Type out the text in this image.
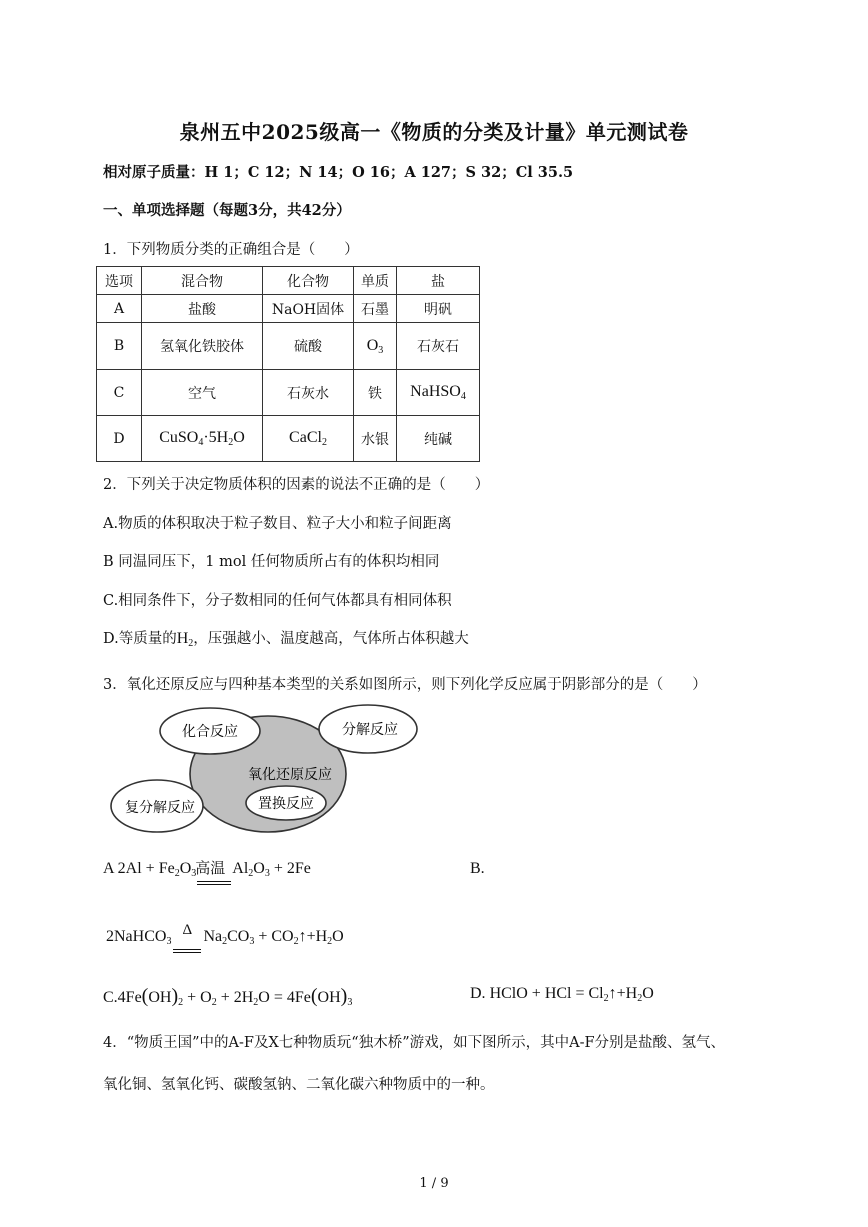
泉州五中2025级高一《物质的分类及计量》单元测试卷
相对原子质量：H 1；C 12；N 14；O 16；A 127；S 32；Cl 35.5
一、单项选择题（每题3分，共42分）
1．下列物质分类的正确组合是（　　）
选项	混合物	化合物	单质	盐
A	盐酸	NaOH固体	石墨	明矾
B	氢氧化铁胶体	硫酸	$O_3$	石灰石
C	空气	石灰水	铁	NaHSO$_4$
D	$CuSO_4\cdot 5H_2O$	CaCl$_2$	水银	纯碱
2．下列关于决定物质体积的因素的说法不正确的是（　　）
A.物质的体积取决于粒子数目、粒子大小和粒子间距离
B 同温同压下，1 mol 任何物质所占有的体积均相同
C.相同条件下，分子数相同的任何气体都具有相同体积
D.等质量的$H_2$，压强越小、温度越高，气体所占体积越大
3．氧化还原反应与四种基本类型的关系如图所示，则下列化学反应属于阴影部分的是（　　）
化合反应	分解反应
氧化还原反应
复分解反应	置换反应
A $2Al + Fe_2O_3$ 高温 $Al_2O_3 + 2Fe$	B.
2NaHCO$_3$
Δ $Na_2CO_3$ + $CO_2↑+H_2O$
$C.4Fe(OH)_2 + O_2 + 2H_2O = 4Fe(OH)_3$
D. HClO + HCl = $Cl_2↑+H_2O$
4．“物质王国”中的A-F及X七种物质玩“独木桥”游戏，如下图所示，其中A-F分别是盐酸、氢气、
氧化铜、氢氧化钙、碳酸氢钠、二氧化碳六种物质中的一种。
1 / 9
